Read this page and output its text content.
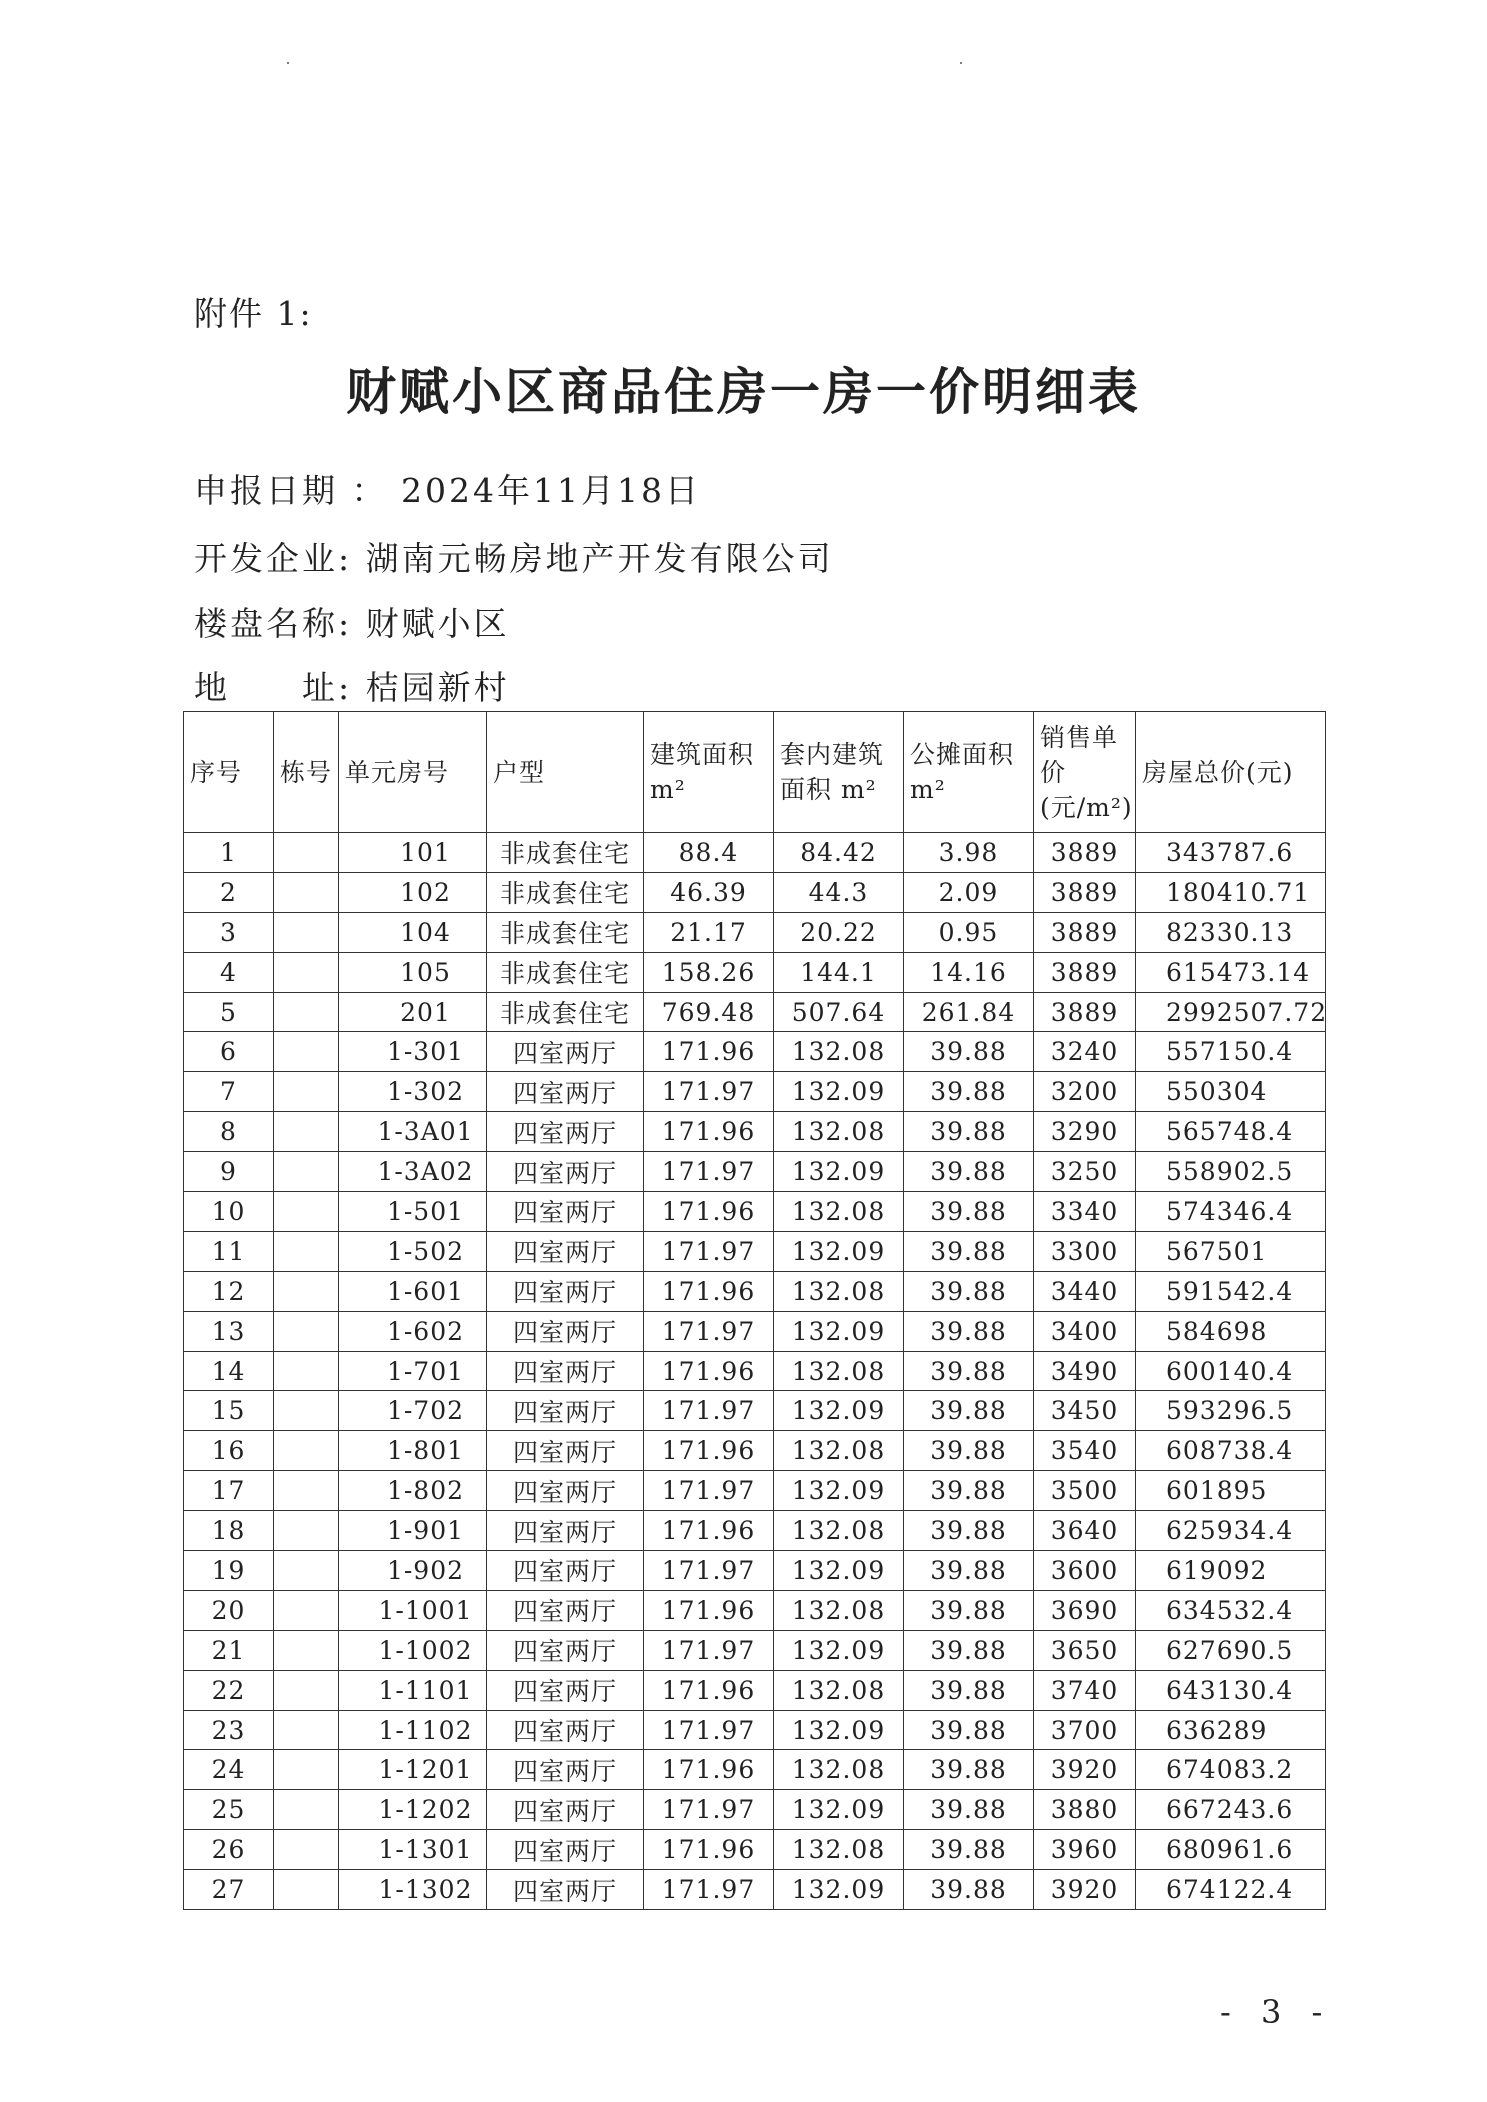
附件 1:
财赋小区商品住房一房一价明细表
申报日期 ： 2024年11月18日
开发企业: 湖南元畅房地产开发有限公司
楼盘名称: 财赋小区
地　　址: 桔园新村
序号	栋号	单元房号	户型	建筑面积 m²	套内建筑面积 m²	公摊面积 m²	销售单价(元/m²)	房屋总价(元)
1		101	非成套住宅	88.4	84.42	3.98	3889	343787.6
2		102	非成套住宅	46.39	44.3	2.09	3889	180410.71
3		104	非成套住宅	21.17	20.22	0.95	3889	82330.13
4		105	非成套住宅	158.26	144.1	14.16	3889	615473.14
5		201	非成套住宅	769.48	507.64	261.84	3889	2992507.72
6		1-301	四室两厅	171.96	132.08	39.88	3240	557150.4
7		1-302	四室两厅	171.97	132.09	39.88	3200	550304
8		1-3A01	四室两厅	171.96	132.08	39.88	3290	565748.4
9		1-3A02	四室两厅	171.97	132.09	39.88	3250	558902.5
10		1-501	四室两厅	171.96	132.08	39.88	3340	574346.4
11		1-502	四室两厅	171.97	132.09	39.88	3300	567501
12		1-601	四室两厅	171.96	132.08	39.88	3440	591542.4
13		1-602	四室两厅	171.97	132.09	39.88	3400	584698
14		1-701	四室两厅	171.96	132.08	39.88	3490	600140.4
15		1-702	四室两厅	171.97	132.09	39.88	3450	593296.5
16		1-801	四室两厅	171.96	132.08	39.88	3540	608738.4
17		1-802	四室两厅	171.97	132.09	39.88	3500	601895
18		1-901	四室两厅	171.96	132.08	39.88	3640	625934.4
19		1-902	四室两厅	171.97	132.09	39.88	3600	619092
20		1-1001	四室两厅	171.96	132.08	39.88	3690	634532.4
21		1-1002	四室两厅	171.97	132.09	39.88	3650	627690.5
22		1-1101	四室两厅	171.96	132.08	39.88	3740	643130.4
23		1-1102	四室两厅	171.97	132.09	39.88	3700	636289
24		1-1201	四室两厅	171.96	132.08	39.88	3920	674083.2
25		1-1202	四室两厅	171.97	132.09	39.88	3880	667243.6
26		1-1301	四室两厅	171.96	132.08	39.88	3960	680961.6
27		1-1302	四室两厅	171.97	132.09	39.88	3920	674122.4
- 3 -
